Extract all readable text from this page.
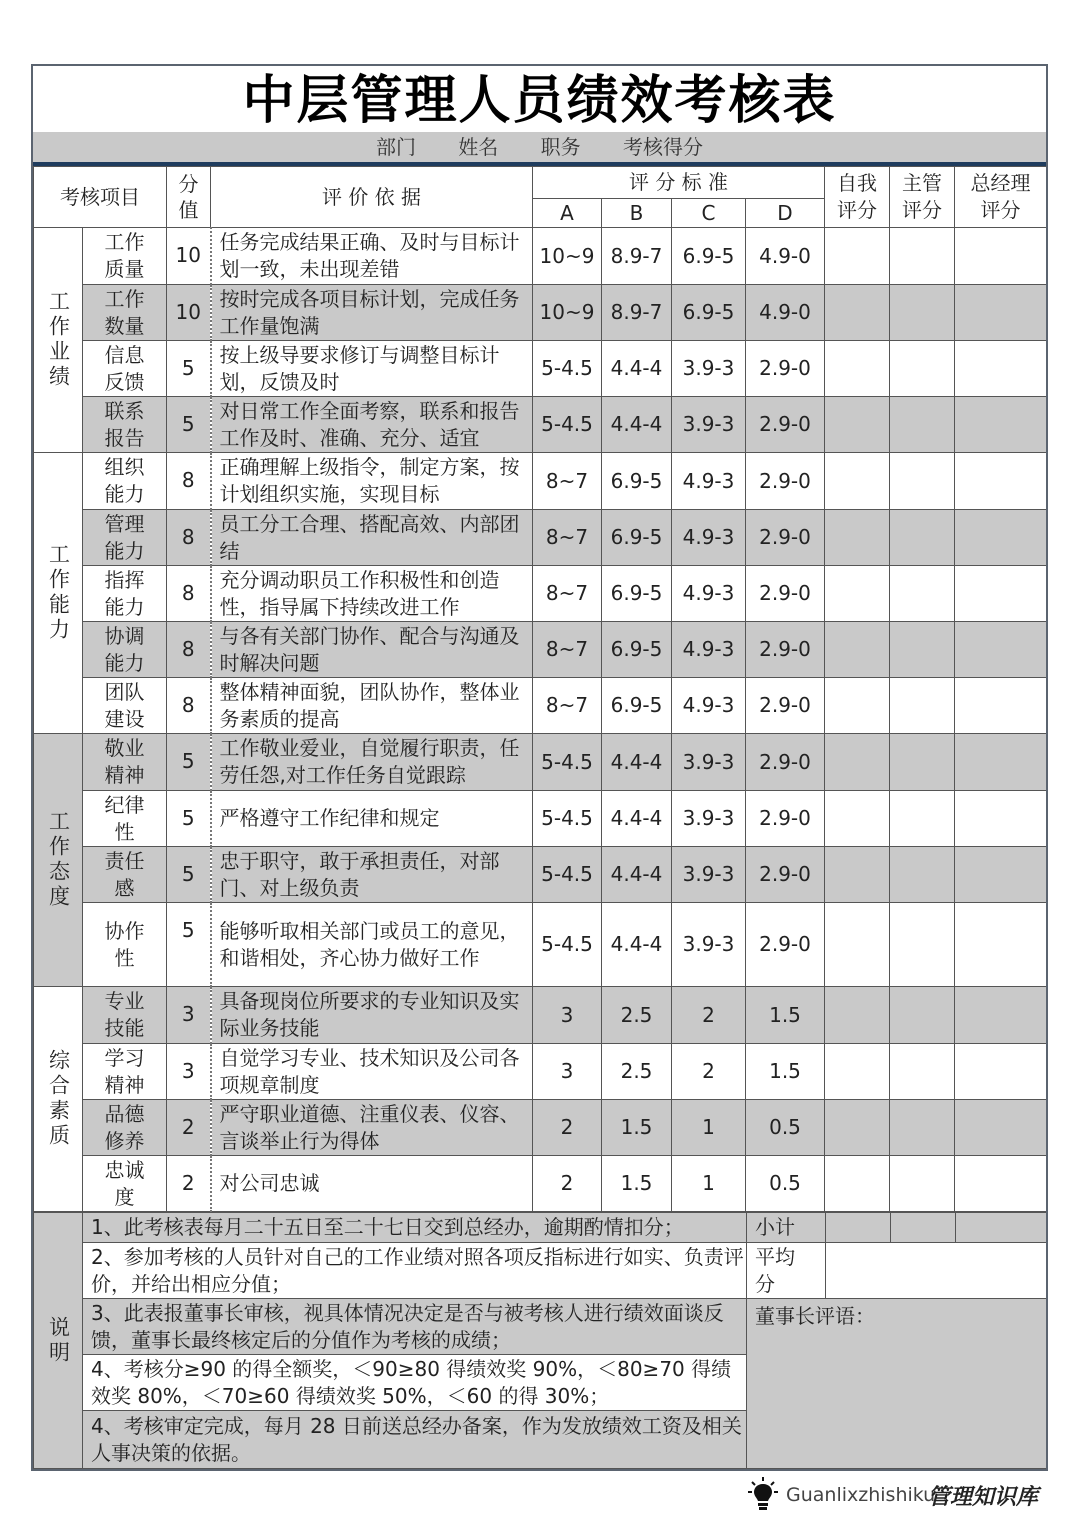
中层管理人员绩效考核表
部门 姓名 职务 考核得分
考核项目		分值	评 价 依 据	评 分 标 准				自我评分	主管评分	总经理评分

				A	B	C	D			

工作业绩	工作质量	10	任务完成结果正确、及时与目标计划一致，未出现差错	10~9	8.9-7	6.9-5	4.9-0			

	工作数量	10	按时完成各项目标计划，完成任务工作量饱满	10~9	8.9-7	6.9-5	4.9-0			

	信息反馈	5	按上级导要求修订与调整目标计划，反馈及时	5-4.5	4.4-4	3.9-3	2.9-0			

	联系报告	5	对日常工作全面考察，联系和报告工作及时、准确、充分、适宜	5-4.5	4.4-4	3.9-3	2.9-0			

工作能力	组织能力	8	正确理解上级指令，制定方案，按计划组织实施，实现目标	8~7	6.9-5	4.9-3	2.9-0			

	管理能力	8	员工分工合理、搭配高效、内部团结	8~7	6.9-5	4.9-3	2.9-0			

	指挥能力	8	充分调动职员工作积极性和创造性，指导属下持续改进工作	8~7	6.9-5	4.9-3	2.9-0			

	协调能力	8	与各有关部门协作、配合与沟通及时解决问题	8~7	6.9-5	4.9-3	2.9-0			

	团队建设	8	整体精神面貌，团队协作，整体业务素质的提高	8~7	6.9-5	4.9-3	2.9-0			

工作态度	敬业精神	5	工作敬业爱业，自觉履行职责，任劳任怨,对工作任务自觉跟踪	5-4.5	4.4-4	3.9-3	2.9-0			

	纪律性	5	严格遵守工作纪律和规定	5-4.5	4.4-4	3.9-3	2.9-0			

	责任感	5	忠于职守，敢于承担责任，对部门、对上级负责	5-4.5	4.4-4	3.9-3	2.9-0			

	协作性	5	能够听取相关部门或员工的意见，和谐相处，齐心协力做好工作	5-4.5	4.4-4	3.9-3	2.9-0			

综合素质	专业技能	3	具备现岗位所要求的专业知识及实际业务技能	3	2.5	2	1.5			

	学习精神	3	自觉学习专业、技术知识及公司各项规章制度	3	2.5	2	1.5			

	品德修养	2	严守职业道德、注重仪表、仪容、言谈举止行为得体	2	1.5	1	0.5			

	忠诚度	2	对公司忠诚	2	1.5	1	0.5			
说明	1、此考核表每月二十五日至二十七日交到总经办，逾期酌情扣分；	小计			
	2、参加考核的人员针对自己的工作业绩对照各项反指标进行如实、负责评价，并给出相应分值；	平均分			

	3、此表报董事长审核，视具体情况决定是否与被考核人进行绩效面谈反馈，董事长最终核定后的分值作为考核的成绩；	董事长评语：			
	4、考核分≥90 的得全额奖，＜90≥80 得绩效奖 90%，＜80≥70 得绩效奖 80%，＜70≥60 得绩效奖 50%，＜60 的得 30%；				
	4、考核审定完成，每月 28 日前送总经办备案，作为发放绩效工资及相关人事决策的依据。				
Guanlixzhishiku
管理知识库
